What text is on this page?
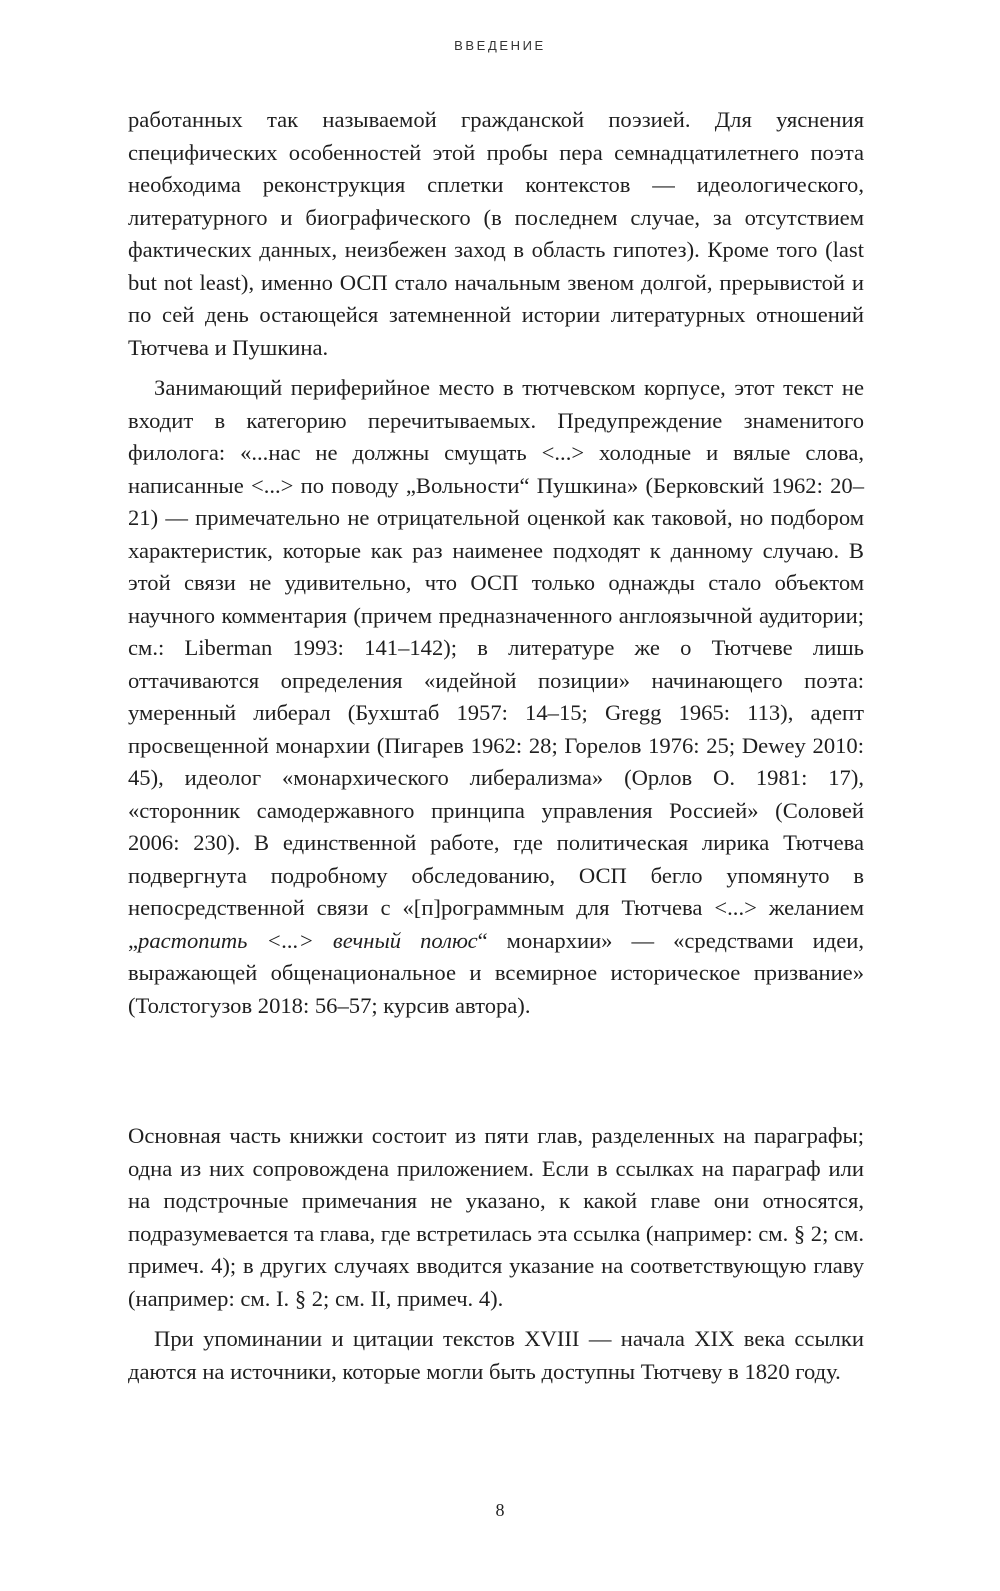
ВВЕДЕНИЕ

работанных так называемой гражданской поэзией. Для уяснения специфических особенностей этой пробы пера семнадцатилетнего поэта необходима реконструкция сплетки контекстов — идеологического, литературного и биографического (в последнем случае, за отсутствием фактических данных, неизбежен заход в область гипотез). Кроме того (last but not least), именно ОСП стало начальным звеном долгой, прерывистой и по сей день остающейся затемненной истории литературных отношений Тютчева и Пушкина.

Занимающий периферийное место в тютчевском корпусе, этот текст не входит в категорию перечитываемых. Предупреждение знаменитого филолога: «...нас не должны смущать <...> холодные и вялые слова, написанные <...> по поводу „Вольности“ Пушкина» (Берковский 1962: 20–21) — примечательно не отрицательной оценкой как таковой, но подбором характеристик, которые как раз наименее подходят к данному случаю. В этой связи не удивительно, что ОСП только однажды стало объектом научного комментария (причем предназначенного англоязычной аудитории; см.: Liberman 1993: 141–142); в литературе же о Тютчеве лишь оттачиваются определения «идейной позиции» начинающего поэта: умеренный либерал (Бухштаб 1957: 14–15; Gregg 1965: 113), адепт просвещенной монархии (Пигарев 1962: 28; Горелов 1976: 25; Dewey 2010: 45), идеолог «монархического либерализма» (Орлов О. 1981: 17), «сторонник самодержавного принципа управления Россией» (Соловей 2006: 230). В единственной работе, где политическая лирика Тютчева подвергнута подробному обследованию, ОСП бегло упомянуто в непосредственной связи с «[п]рограммным для Тютчева <...> желанием „растопить <...> вечный полюс“ монархии» — «средствами идеи, выражающей общенациональное и всемирное историческое призвание» (Толстогузов 2018: 56–57; курсив автора).

Основная часть книжки состоит из пяти глав, разделенных на параграфы; одна из них сопровождена приложением. Если в ссылках на параграф или на подстрочные примечания не указано, к какой главе они относятся, подразумевается та глава, где встретилась эта ссылка (например: см. § 2; см. примеч. 4); в других случаях вводится указание на соответствующую главу (например: см. I. § 2; см. II, примеч. 4).

При упоминании и цитации текстов XVIII — начала XIX века ссылки даются на источники, которые могли быть доступны Тютчеву в 1820 году.

8
